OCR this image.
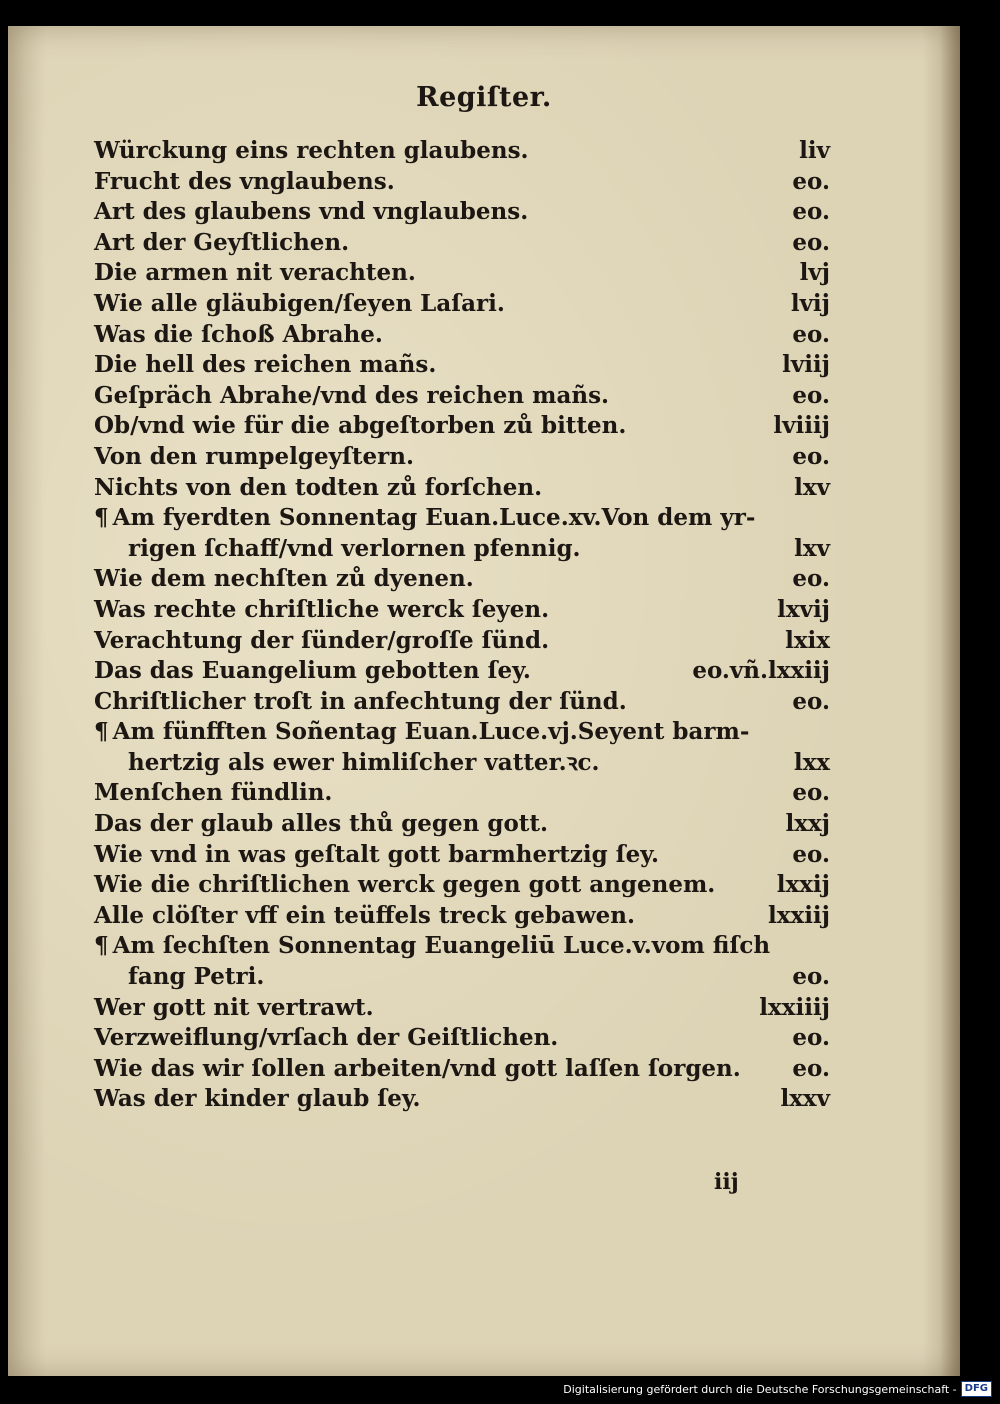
Regiſter.
Würckung eins rechten glaubens.	liv
Frucht des vnglaubens.	eo.
Art des glaubens vnd vnglaubens.	eo.
Art der Geyſtlichen.	eo.
Die armen nit verachten.	lvj
Wie alle gläubigen/ſeyen Laſari.	lvij
Was die ſchoß Abrahe.	eo.
Die hell des reichen mañs.	lviij
Geſpräch Abrahe/vnd des reichen mañs.	eo.
Ob/vnd wie für die abgeſtorben zů bitten.	lviiij
Von den rumpelgeyſtern.	eo.
Nichts von den todten zů forſchen.	lxv
¶ Am fyerdten Sonnentag Euan.Luce.xv.Von dem yr-
rigen ſchaff/vnd verlornen pfennig.	lxv
Wie dem nechſten zů dyenen.	eo.
Was rechte chriſtliche werck ſeyen.	lxvij
Verachtung der ſünder/groſſe ſünd.	lxix
Das das Euangelium gebotten ſey.	eo.vñ.lxxiij
Chriſtlicher troſt in anfechtung der ſünd.	eo.
¶ Am fünfften Soñentag Euan.Luce.vj.Seyent barm-
hertzig als ewer himliſcher vatter.ꝛc.	lxx
Menſchen fündlin.	eo.
Das der glaub alles thů gegen gott.	lxxj
Wie vnd in was geſtalt gott barmhertzig ſey.	eo.
Wie die chriſtlichen werck gegen gott angenem.	lxxij
Alle clöſter vff ein teüffels treck gebawen.	lxxiij
¶ Am ſechſten Sonnentag Euangeliū Luce.v.vom fiſch
fang Petri.	eo.
Wer gott nit vertrawt.	lxxiiij
Verzweiflung/vrſach der Geiſtlichen.	eo.
Wie das wir ſollen arbeiten/vnd gott laſſen ſorgen. eo.
Was der kinder glaub ſey.	lxxv
iij
Digitalisierung gefördert durch die Deutsche Forschungsgemeinschaft - DFG
